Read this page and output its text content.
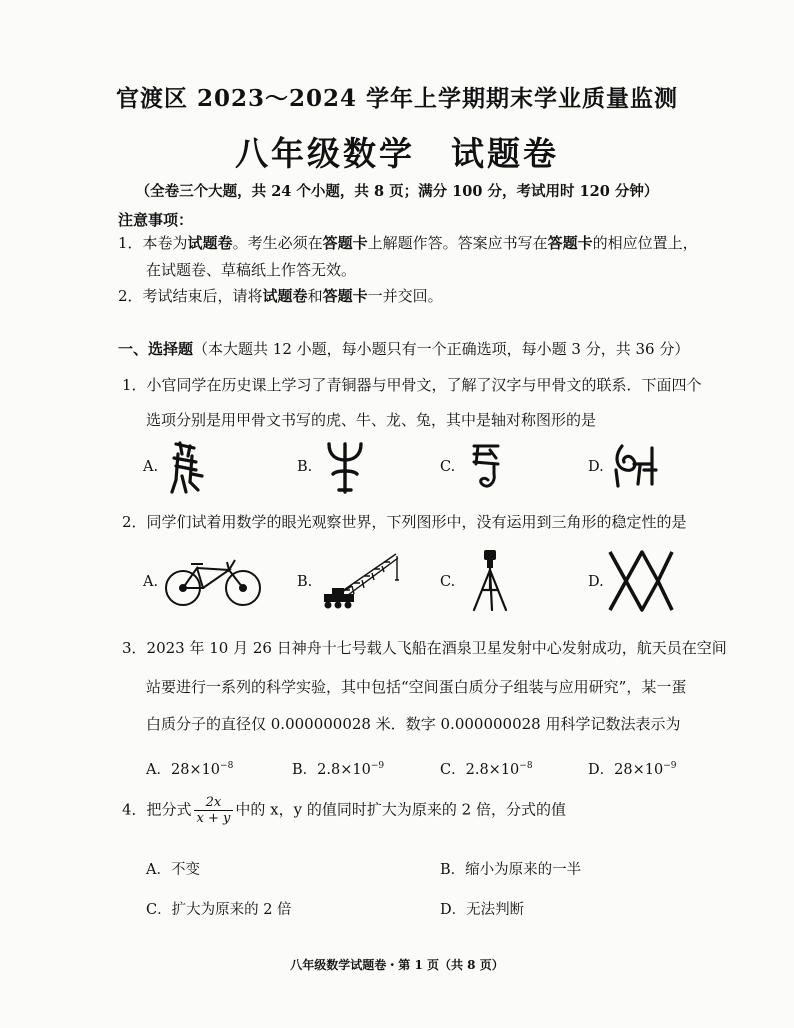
官渡区 2023～2024 学年上学期期末学业质量监测
八年级数学　试题卷
（全卷三个大题，共 24 个小题，共 8 页；满分 100 分，考试用时 120 分钟）
注意事项：
1．本卷为试题卷。考生必须在答题卡上解题作答。答案应书写在答题卡的相应位置上，
在试题卷、草稿纸上作答无效。
2．考试结束后，请将试题卷和答题卡一并交回。
一、选择题（本大题共 12 小题，每小题只有一个正确选项，每小题 3 分，共 36 分）
1．小官同学在历史课上学习了青铜器与甲骨文，了解了汉字与甲骨文的联系．下面四个
选项分别是用甲骨文书写的虎、牛、龙、兔，其中是轴对称图形的是
A.	B.	C.	D.
2．同学们试着用数学的眼光观察世界，下列图形中，没有运用到三角形的稳定性的是
A.	B.	C.	D.
3．2023 年 10 月 26 日神舟十七号载人飞船在酒泉卫星发射中心发射成功，航天员在空间
站要进行一系列的科学实验，其中包括“空间蛋白质分子组装与应用研究”，某一蛋
白质分子的直径仅 0.000000028 米．数字 0.000000028 用科学记数法表示为
A．$28\times 10^{-8}$	B．$2.8\times 10^{-9}$	C．$2.8\times 10^{-8}$	D．$28\times 10^{-9}$
4．把分式 $\frac{2x}{x + y}$ 中的 x，y 的值同时扩大为原来的 2 倍，分式的值
A．不变	B．缩小为原来的一半
C．扩大为原来的 2 倍	D．无法判断
八年级数学试题卷・第 1 页（共 8 页）
